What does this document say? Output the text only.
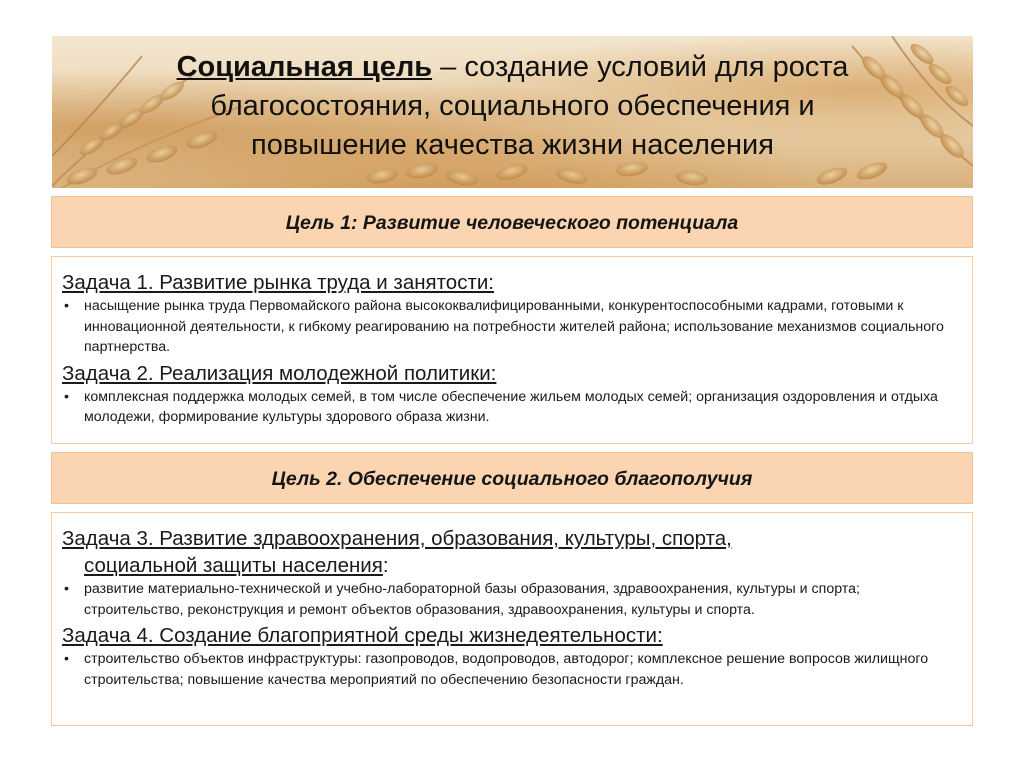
Социальная цель – создание условий для роста
благосостояния, социального обеспечения и
повышение качества жизни населения
Цель 1: Развитие человеческого потенциала

Задача 1. Развитие рынка труда и занятости:

• насыщение рынка труда Первомайского района высококвалифицированными, конкурентоспособными кадрами, готовыми к инновационной деятельности, к гибкому реагированию на потребности жителей района; использование механизмов социального партнерства.

Задача 2. Реализация молодежной политики:

• комплексная поддержка молодых семей, в том числе обеспечение жильем молодых семей; организация оздоровления и отдыха молодежи, формирование культуры здорового образа жизни.
Цель 2. Обеспечение социального благополучия

Задача 3. Развитие здравоохранения, образования, культуры, спорта,
социальной защиты населения:

• развитие материально-технической и учебно-лабораторной базы образования, здравоохранения, культуры и спорта; строительство, реконструкция и ремонт объектов образования, здравоохранения, культуры и спорта.

Задача 4. Создание благоприятной среды жизнедеятельности:

• строительство объектов инфраструктуры: газопроводов, водопроводов, автодорог; комплексное решение вопросов жилищного строительства; повышение качества мероприятий по обеспечению безопасности граждан.
